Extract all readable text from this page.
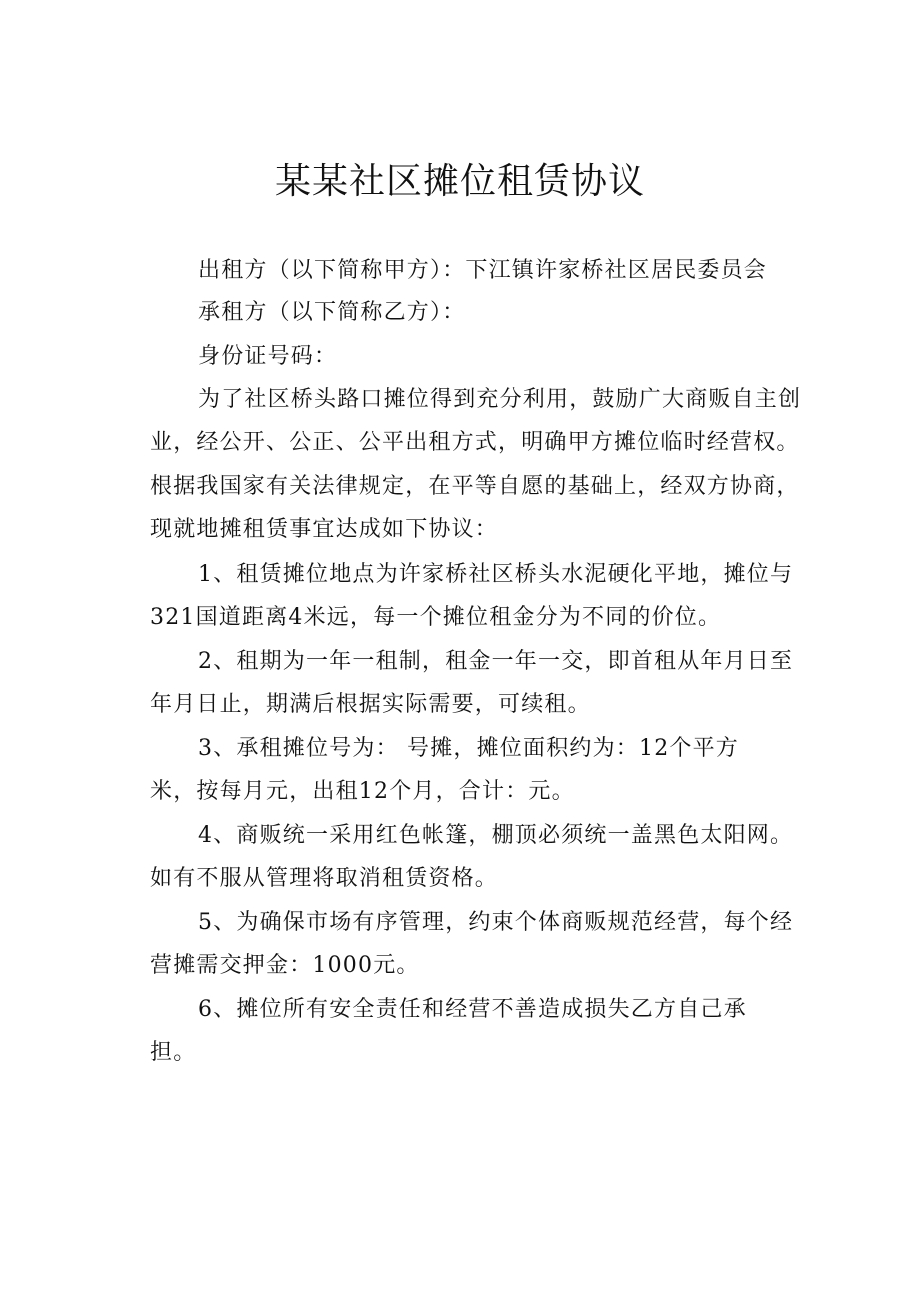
某某社区摊位租赁协议
出租方（以下简称甲方）：下江镇许家桥社区居民委员会
承租方（以下简称乙方）：
身份证号码：
为了社区桥头路口摊位得到充分利用，鼓励广大商贩自主创
业，经公开、公正、公平出租方式，明确甲方摊位临时经营权。
根据我国家有关法律规定，在平等自愿的基础上，经双方协商，
现就地摊租赁事宜达成如下协议：
1、租赁摊位地点为许家桥社区桥头水泥硬化平地，摊位与
321国道距离4米远，每一个摊位租金分为不同的价位。
2、租期为一年一租制，租金一年一交，即首租从年月日至
年月日止，期满后根据实际需要，可续租。
3、承租摊位号为： 号摊，摊位面积约为：12个平方
米，按每月元，出租12个月，合计：元。
4、商贩统一采用红色帐篷，棚顶必须统一盖黑色太阳网。
如有不服从管理将取消租赁资格。
5、为确保市场有序管理，约束个体商贩规范经营，每个经
营摊需交押金：1000元。
6、摊位所有安全责任和经营不善造成损失乙方自己承
担。
